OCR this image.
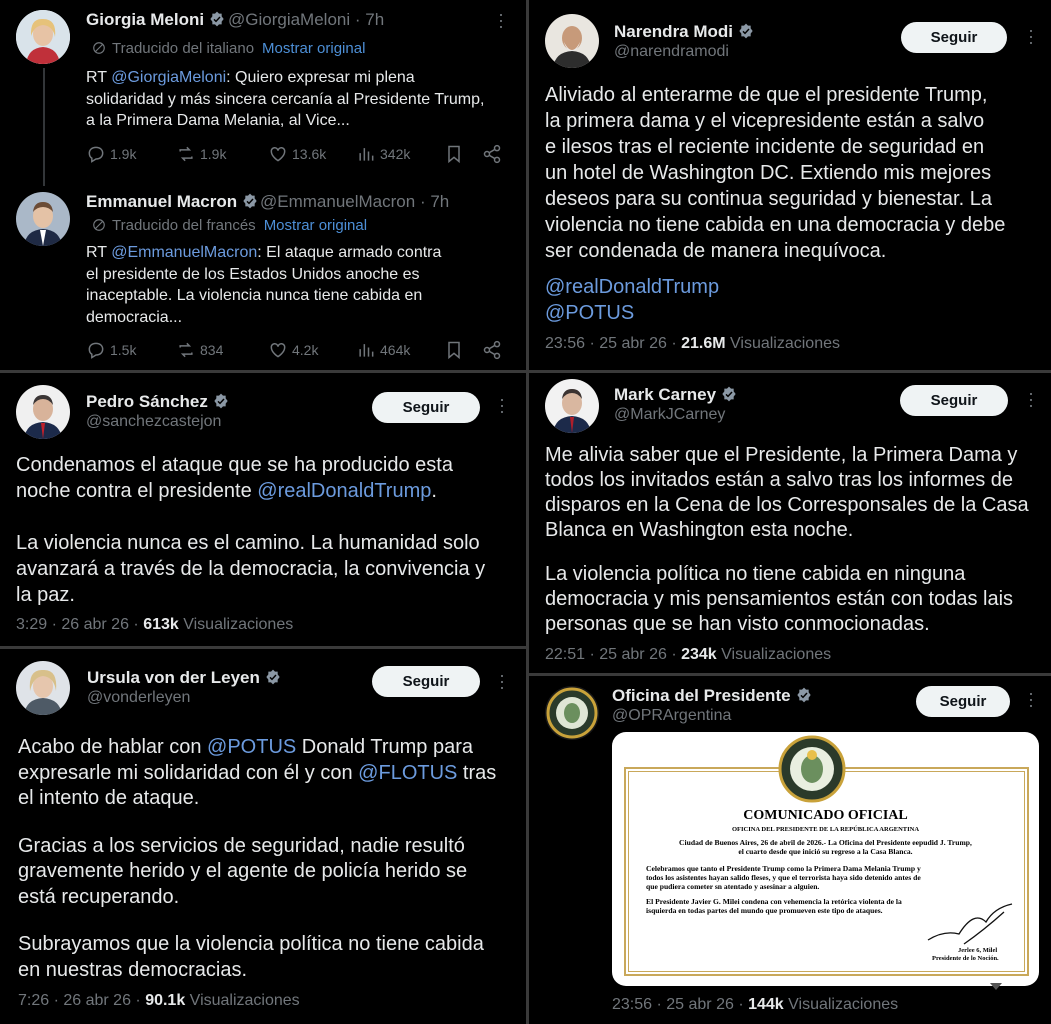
Giorgia Meloni	@GiorgiaMeloni · 7h	···
Traducido del italiano Mostrar original
RT @GiorgiaMeloni: Quiero expresar mi plena
solidaridad y más sincera cercanía al Presidente Trump,
a la Primera Dama Melania, al Vice...
1.9k	1.9k	13.6k	342k
Emmanuel Macron	@EmmanuelMacron · 7h
Traducido del francés Mostrar original
RT @EmmanuelMacron: El ataque armado contra
el presidente de los Estados Unidos anoche es
inaceptable. La violencia nunca tiene cabida en
democracia...
1.5k	834	4.2k	464k
Narendra Modi
@narendramodi
Seguir	···
Aliviado al enterarme de que el presidente Trump,
la primera dama y el vicepresidente están a salvo
e ilesos tras el reciente incidente de seguridad en
un hotel de Washington DC. Extiendo mis mejores
deseos para su continua seguridad y bienestar. La
violencia no tiene cabida en una democracia y debe
ser condenada de manera inequívoca.
@realDonaldTrump
@POTUS
23:56 · 25 abr 26 · 21.6M Visualizaciones
Pedro Sánchez
@sanchezcastejon
Seguir	···
Condenamos el ataque que se ha producido esta
noche contra el presidente @realDonaldTrump.
La violencia nunca es el camino. La humanidad solo
avanzará a través de la democracia, la convivencia y
la paz.
3:29 · 26 abr 26 · 613k Visualizaciones
Mark Carney
@MarkJCarney
Seguir	···
Me alivia saber que el Presidente, la Primera Dama y
todos los invitados están a salvo tras los informes de
disparos en la Cena de los Corresponsales de la Casa
Blanca en Washington esta noche.
La violencia política no tiene cabida en ninguna
democracia y mis pensamientos están con todas lais
personas que se han visto conmocionadas.
22:51 · 25 abr 26 · 234k Visualizaciones
Ursula von der Leyen
@vonderleyen
Seguir	···
Acabo de hablar con @POTUS Donald Trump para
expresarle mi solidaridad con él y con @FLOTUS tras
el intento de ataque.
Gracias a los servicios de seguridad, nadie resultó
gravemente herido y el agente de policía herido se
está recuperando.
Subrayamos que la violencia política no tiene cabida
en nuestras democracias.
7:26 · 26 abr 26 · 90.1k Visualizaciones
Oficina del Presidente
@OPRArgentina
Seguir	···
COMUNICADO OFICIAL
OFICINA DEL PRESIDENTE DE LA REPÚBLICA ARGENTINA
Ciudad de Buenos Aires, 26 de abril de 2026.- La Oficina del Presidente eepudid J. Trump,
el cuarto desde que inició su regreso a la Casa Blanca.
Celebramos que tanto el Presidente Trump como la Primera Dama Melania Trump y
todos los asistentes hayan salido fleses, y que el terrorista haya sido detenido antes de
que pudiera cometer sn atentado y asesinar a alguien.
El Presidente Javier G. Milei condena con vehemencia la retórica violenta de la
isquierda en todas partes del mundo que promueven este tipo de ataques.
Jerlee 6, Milel
Presidente de lo Noción.
23:56 · 25 abr 26 · 144k Visualizaciones
